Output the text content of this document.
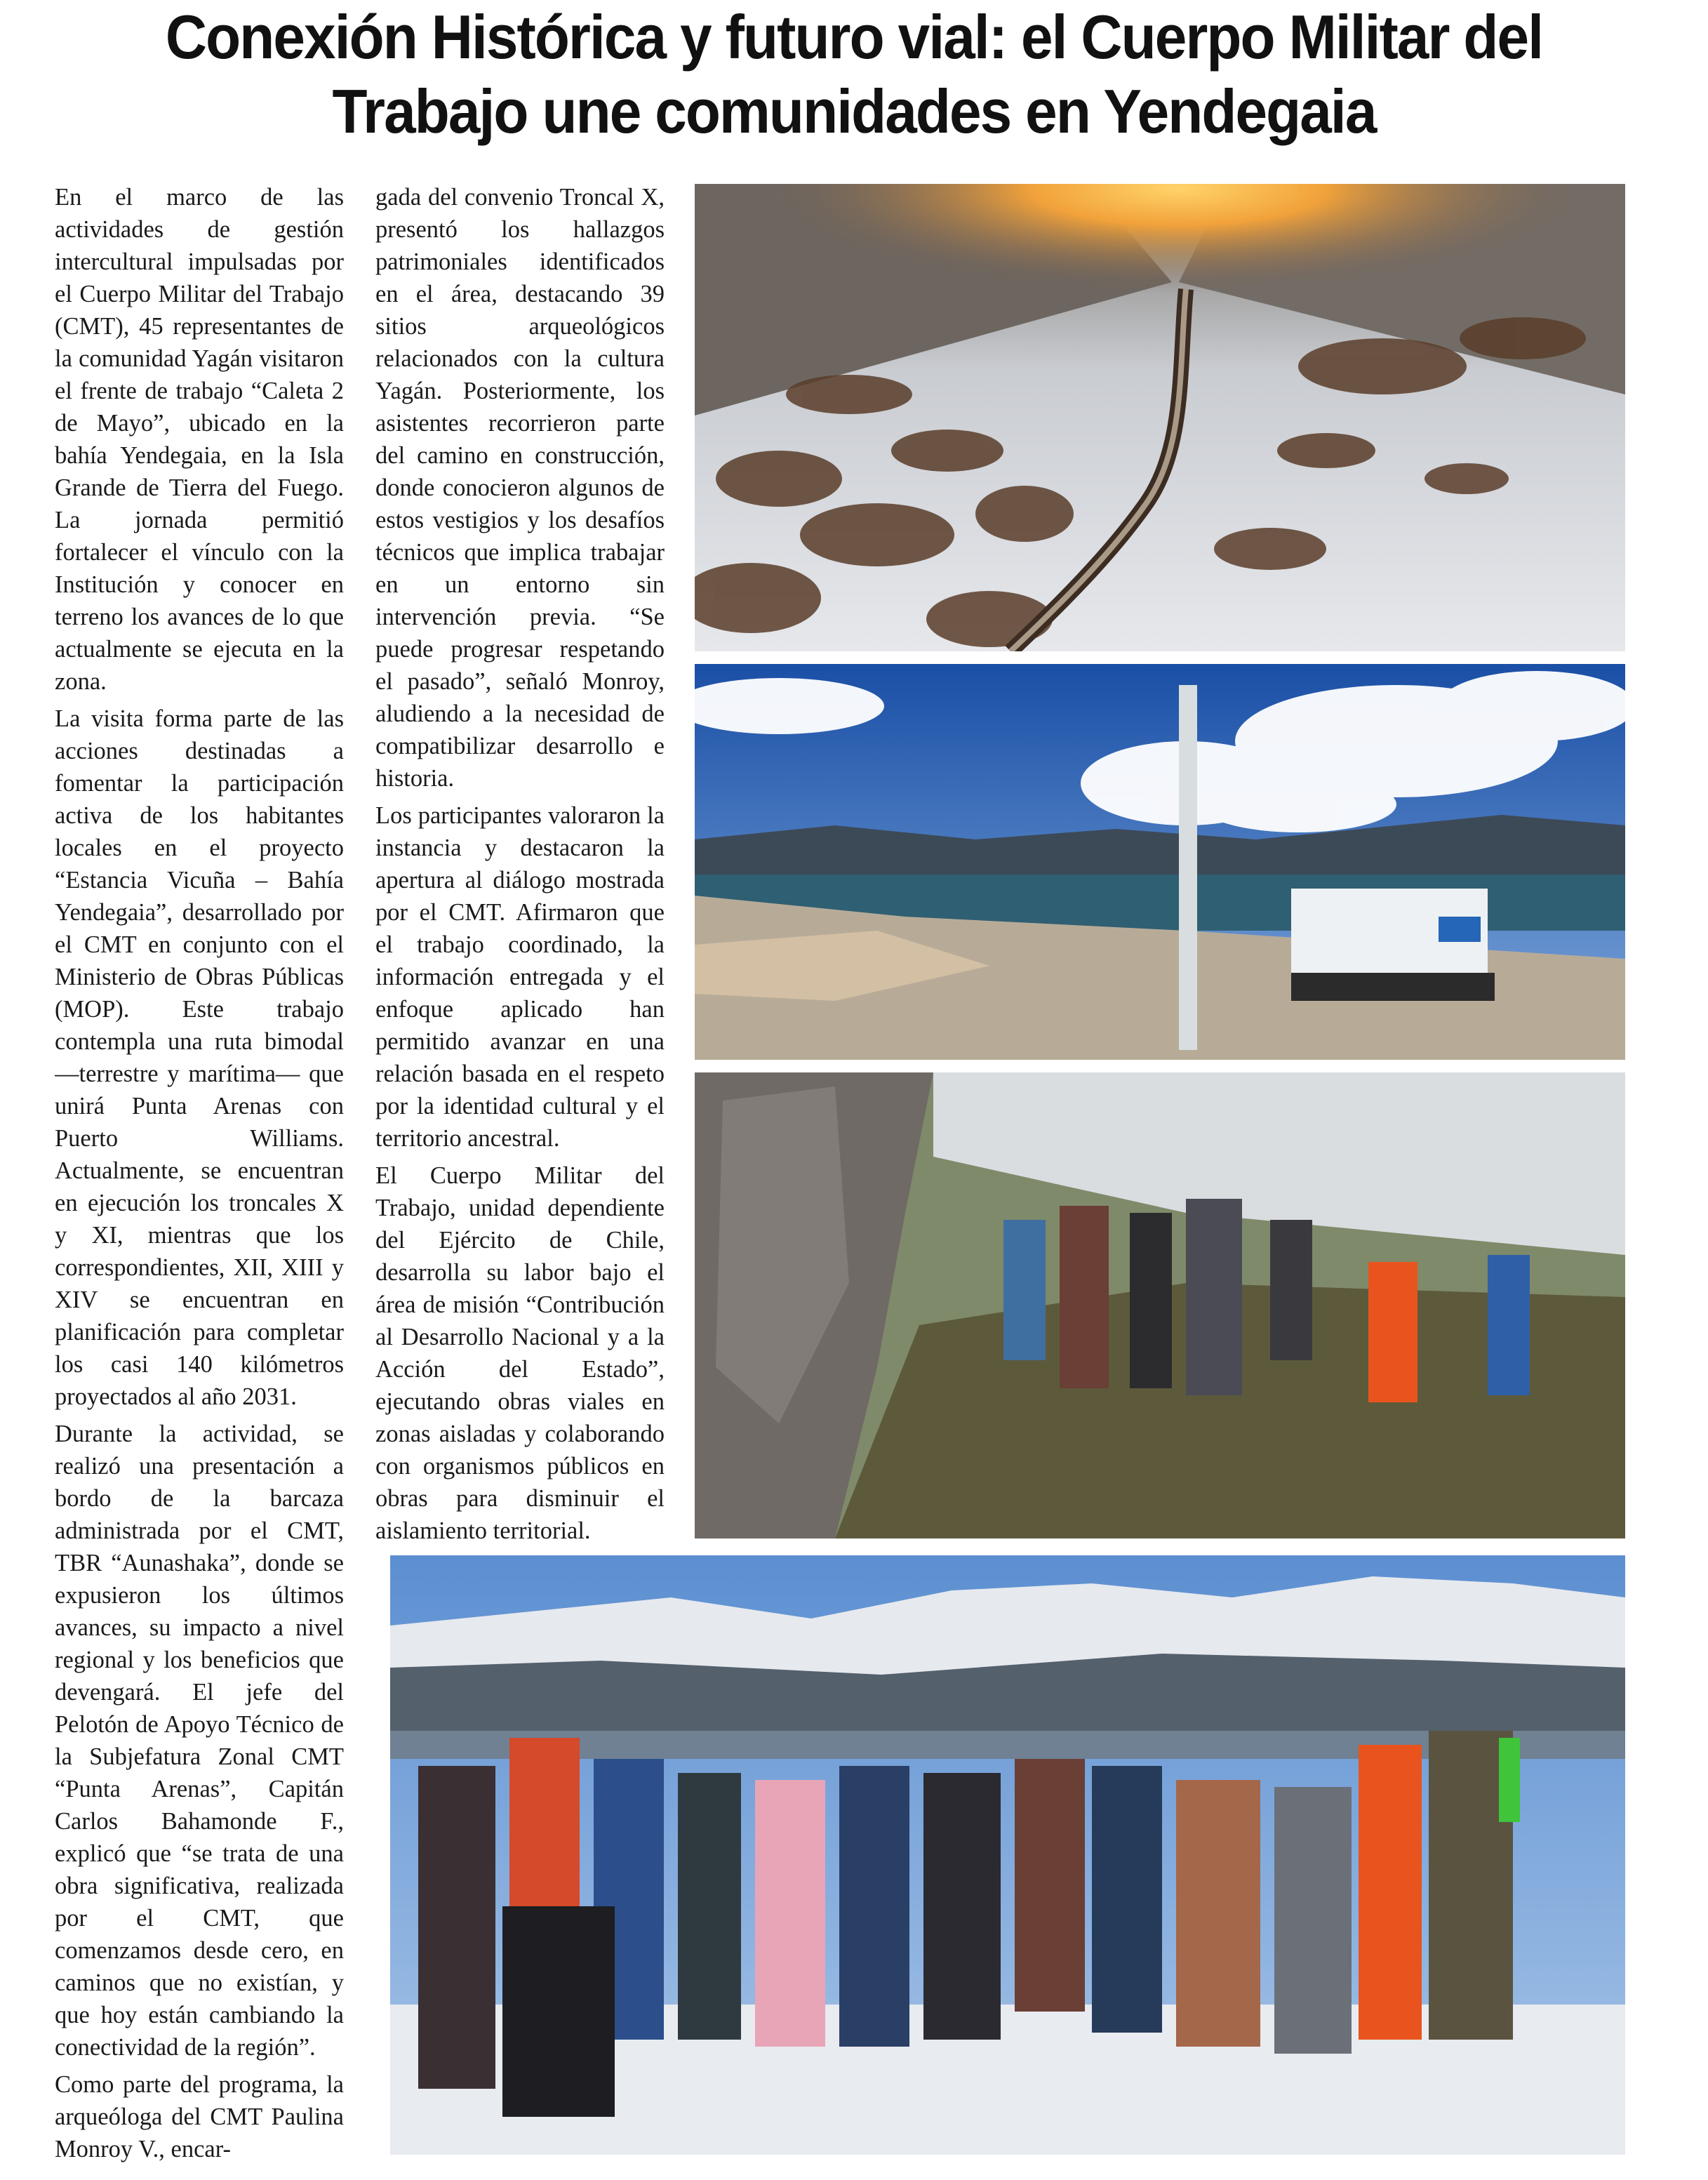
Conexión Histórica y futuro vial: el Cuerpo Militar del
Trabajo une comunidades en Yendegaia

En el marco de las actividades de gestión intercultural impulsadas por el Cuerpo Militar del Trabajo (CMT), 45 representantes de la comunidad Yagán visitaron el frente de trabajo “Caleta 2 de Mayo”, ubicado en la bahía Yendegaia, en la Isla Grande de Tierra del Fuego. La jornada permitió fortalecer el vínculo con la Institución y conocer en terreno los avances de lo que actualmente se ejecuta en la zona.

La visita forma parte de las acciones destinadas a fomentar la participación activa de los habitantes locales en el proyecto “Estancia Vicuña – Bahía Yendegaia”, desarrollado por el CMT en conjunto con el Ministerio de Obras Públicas (MOP). Este trabajo contempla una ruta bimodal —terrestre y marítima— que unirá Punta Arenas con Puerto Williams. Actualmente, se encuentran en ejecución los troncales X y XI, mientras que los correspondientes, XII, XIII y XIV se encuentran en planificación para completar los casi 140 kilómetros proyectados al año 2031.

Durante la actividad, se realizó una presentación a bordo de la barcaza administrada por el CMT, TBR “Aunashaka”, donde se expusieron los últimos avances, su impacto a nivel regional y los beneficios que devengará. El jefe del Pelotón de Apoyo Técnico de la Subjefatura Zonal CMT “Punta Arenas”, Capitán Carlos Bahamonde F., explicó que “se trata de una obra significativa, realizada por el CMT, que comenzamos desde cero, en caminos que no existían, y que hoy están cambiando la conectividad de la región”.

Como parte del programa, la arqueóloga del CMT Paulina Monroy V., encar-

gada del convenio Troncal X, presentó los hallazgos patrimoniales identificados en el área, destacando 39 sitios arqueológicos relacionados con la cultura Yagán. Posteriormente, los asistentes recorrieron parte del camino en construcción, donde conocieron algunos de estos vestigios y los desafíos técnicos que implica trabajar en un entorno sin intervención previa. “Se puede progresar respetando el pasado”, señaló Monroy, aludiendo a la necesidad de compatibilizar desarrollo e historia.

Los participantes valoraron la instancia y destacaron la apertura al diálogo mostrada por el CMT. Afirmaron que el trabajo coordinado, la información entregada y el enfoque aplicado han permitido avanzar en una relación basada en el respeto por la identidad cultural y el territorio ancestral.

El Cuerpo Militar del Trabajo, unidad dependiente del Ejército de Chile, desarrolla su labor bajo el área de misión “Contribución al Desarrollo Nacional y a la Acción del Estado”, ejecutando obras viales en zonas aisladas y colaborando con organismos públicos en obras para disminuir el aislamiento territorial.
